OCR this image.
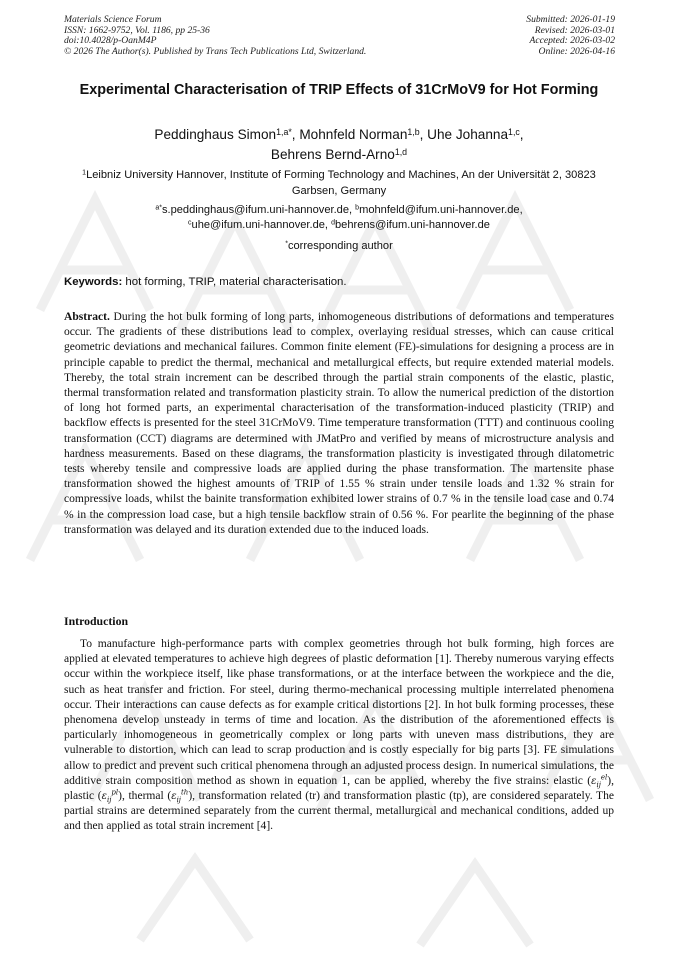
Materials Science Forum
ISSN: 1662-9752, Vol. 1186, pp 25-36
doi:10.4028/p-OanM4P
© 2026 The Author(s). Published by Trans Tech Publications Ltd, Switzerland.
Submitted: 2026-01-19
Revised: 2026-03-01
Accepted: 2026-03-02
Online: 2026-04-16
Experimental Characterisation of TRIP Effects of 31CrMoV9 for Hot Forming
Peddinghaus Simon$^{1,a*}$, Mohnfeld Norman$^{1,b}$, Uhe Johanna$^{1,c}$,
Behrens Bernd-Arno$^{1,d}$
$^1$Leibniz University Hannover, Institute of Forming Technology and Machines, An der Universität 2, 30823 Garbsen, Germany
$^{a*}$s.peddinghaus@ifum.uni-hannover.de, $^b$mohnfeld@ifum.uni-hannover.de,
$^c$uhe@ifum.uni-hannover.de, $^d$behrens@ifum.uni-hannover.de
*corresponding author
Keywords: hot forming, TRIP, material characterisation.

Abstract. During the hot bulk forming of long parts, inhomogeneous distributions of deformations and temperatures occur. The gradients of these distributions lead to complex, overlaying residual stresses, which can cause critical geometric deviations and mechanical failures. Common finite element (FE)-simulations for designing a process are in principle capable to predict the thermal, mechanical and metallurgical effects, but require extended material models. Thereby, the total strain increment can be described through the partial strain components of the elastic, plastic, thermal transformation related and transformation plasticity strain. To allow the numerical prediction of the distortion of long hot formed parts, an experimental characterisation of the transformation-induced plasticity (TRIP) and backflow effects is presented for the steel 31CrMoV9. Time temperature transformation (TTT) and continuous cooling transformation (CCT) diagrams are determined with JMatPro and verified by means of microstructure analysis and hardness measurements. Based on these diagrams, the transformation plasticity is investigated through dilatometric tests whereby tensile and compressive loads are applied during the phase transformation. The martensite phase transformation showed the highest amounts of TRIP of 1.55 % strain under tensile loads and 1.32 % strain for compressive loads, whilst the bainite transformation exhibited lower strains of 0.7 % in the tensile load case and 0.74 % in the compression load case, but a high tensile backflow strain of 0.56 %. For pearlite the beginning of the phase transformation was delayed and its duration extended due to the induced loads.

Introduction

To manufacture high-performance parts with complex geometries through hot bulk forming, high forces are applied at elevated temperatures to achieve high degrees of plastic deformation [1]. Thereby numerous varying effects occur within the workpiece itself, like phase transformations, or at the interface between the workpiece and the die, such as heat transfer and friction. For steel, during thermo-mechanical processing multiple interrelated phenomena occur. Their interactions can cause defects as for example critical distortions [2]. In hot bulk forming processes, these phenomena develop unsteady in terms of time and location. As the distribution of the aforementioned effects is particularly inhomogeneous in geometrically complex or long parts with uneven mass distributions, they are vulnerable to distortion, which can lead to scrap production and is costly especially for big parts [3]. FE simulations allow to predict and prevent such critical phenomena through an adjusted process design. In numerical simulations, the additive strain composition method as shown in equation 1, can be applied, whereby the five strains: elastic $(\varepsilon_{ij}^{el})$, plastic $(\varepsilon_{ij}^{pl})$, thermal $(\varepsilon_{ij}^{th})$, transformation related (tr) and transformation plastic (tp), are considered separately. The partial strains are determined separately from the current thermal, metallurgical and mechanical conditions, added up and then applied as total strain increment [4].
